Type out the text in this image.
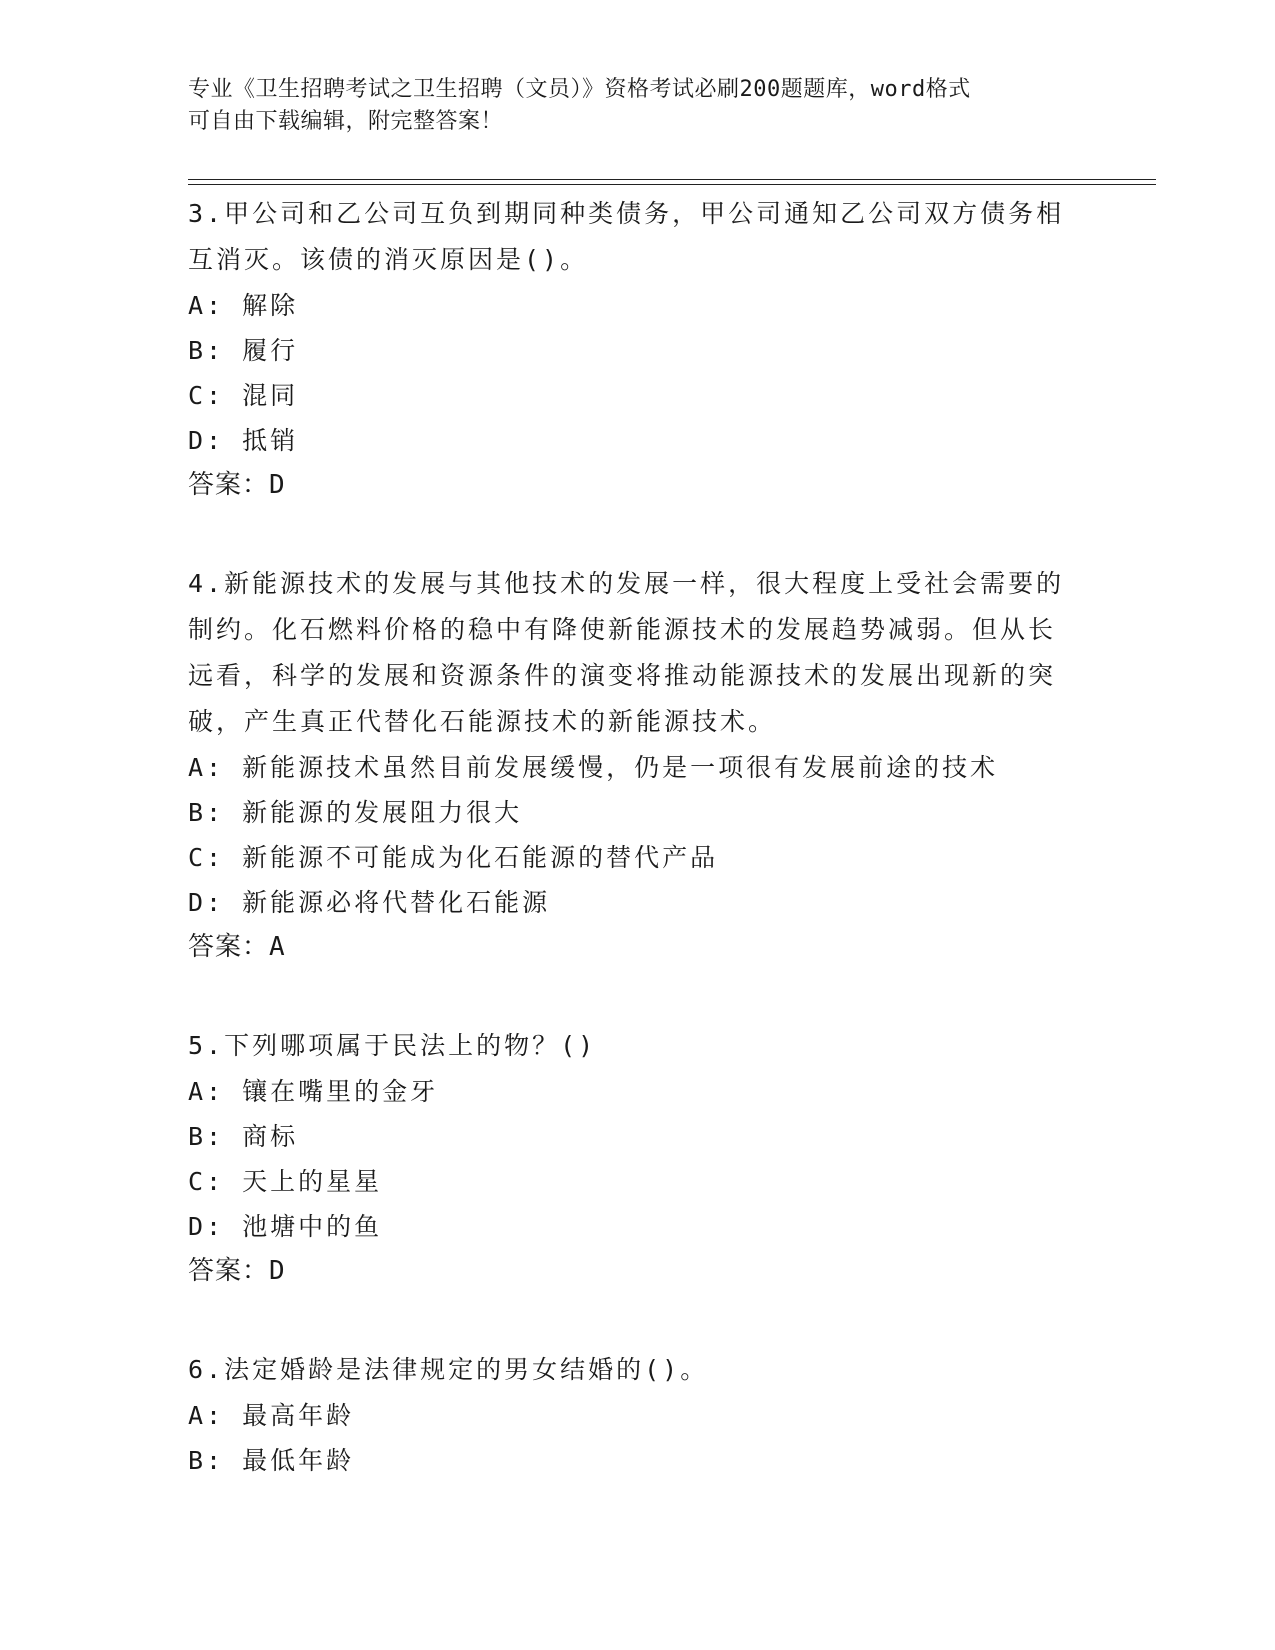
专业《卫生招聘考试之卫生招聘（文员）》资格考试必刷200题题库，word格式
可自由下载编辑，附完整答案！
3.甲公司和乙公司互负到期同种类债务，甲公司通知乙公司双方债务相互消灭。该债的消灭原因是()。
A: 解除
B: 履行
C: 混同
D: 抵销
答案：D
4.新能源技术的发展与其他技术的发展一样，很大程度上受社会需要的制约。化石燃料价格的稳中有降使新能源技术的发展趋势减弱。但从长远看，科学的发展和资源条件的演变将推动能源技术的发展出现新的突破，产生真正代替化石能源技术的新能源技术。
A: 新能源技术虽然目前发展缓慢，仍是一项很有发展前途的技术
B: 新能源的发展阻力很大
C: 新能源不可能成为化石能源的替代产品
D: 新能源必将代替化石能源
答案：A
5.下列哪项属于民法上的物？()
A: 镶在嘴里的金牙
B: 商标
C: 天上的星星
D: 池塘中的鱼
答案：D
6.法定婚龄是法律规定的男女结婚的()。
A: 最高年龄
B: 最低年龄
